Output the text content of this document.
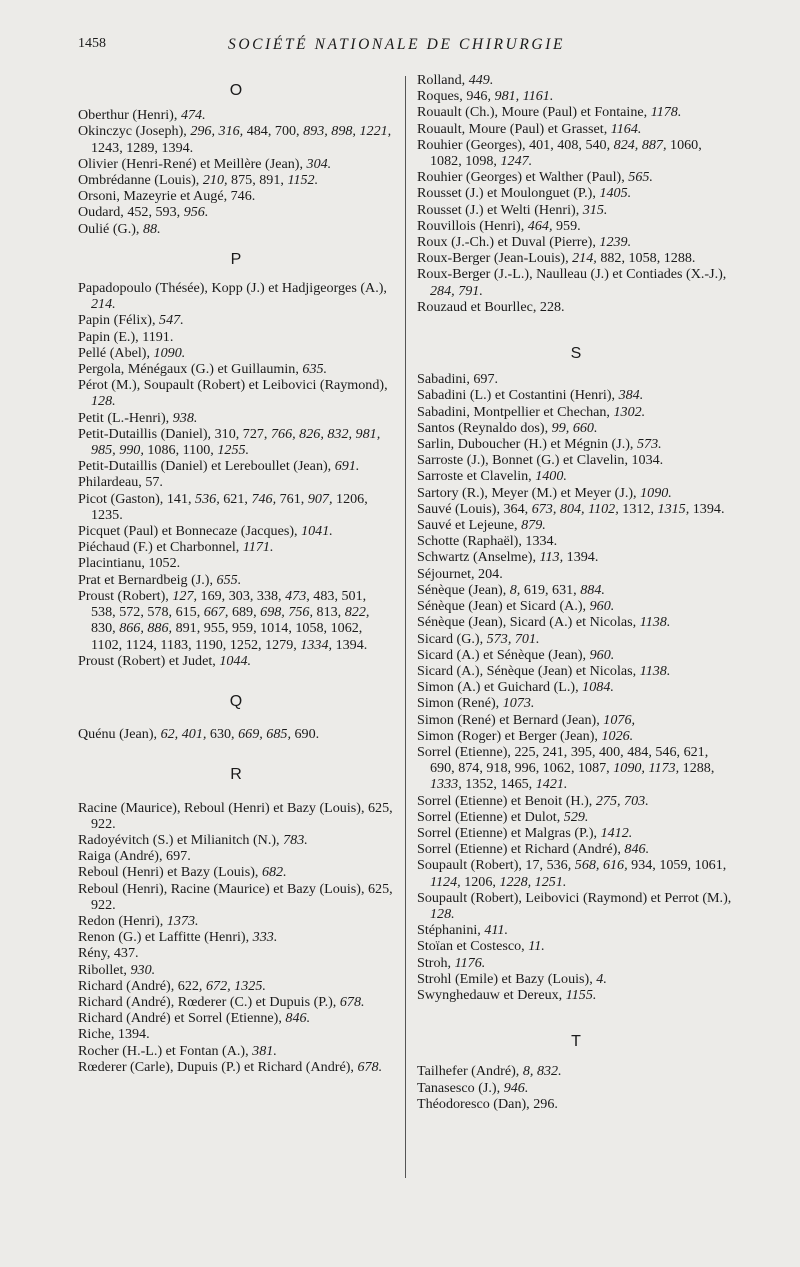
1458	SOCIÉTÉ NATIONALE DE CHIRURGIE
O
Oberthur (Henri), 474.
Okinczyc (Joseph), 296, 316, 484, 700, 893, 898, 1221, 1243, 1289, 1394.
Olivier (Henri-René) et Meillère (Jean), 304.
Ombrédanne (Louis), 210, 875, 891, 1152.
Orsoni, Mazeyrie et Augé, 746.
Oudard, 452, 593, 956.
Oulié (G.), 88.
P
Papadopoulo (Thésée), Kopp (J.) et Hadjigeorges (A.), 214.
Papin (Félix), 547.
Papin (E.), 1191.
Pellé (Abel), 1090.
Pergola, Ménégaux (G.) et Guillaumin, 635.
Pérot (M.), Soupault (Robert) et Leibovici (Raymond), 128.
Petit (L.-Henri), 938.
Petit-Dutaillis (Daniel), 310, 727, 766, 826, 832, 981, 985, 990, 1086, 1100, 1255.
Petit-Dutaillis (Daniel) et Lereboullet (Jean), 691.
Philardeau, 57.
Picot (Gaston), 141, 536, 621, 746, 761, 907, 1206, 1235.
Picquet (Paul) et Bonnecaze (Jacques), 1041.
Piéchaud (F.) et Charbonnel, 1171.
Placintianu, 1052.
Prat et Bernardbeig (J.), 655.
Proust (Robert), 127, 169, 303, 338, 473, 483, 501, 538, 572, 578, 615, 667, 689, 698, 756, 813, 822, 830, 866, 886, 891, 955, 959, 1014, 1058, 1062, 1102, 1124, 1183, 1190, 1252, 1279, 1334, 1394.
Proust (Robert) et Judet, 1044.
Q
Quénu (Jean), 62, 401, 630, 669, 685, 690.
R
Racine (Maurice), Reboul (Henri) et Bazy (Louis), 625, 922.
Radoyévitch (S.) et Milianitch (N.), 783.
Raiga (André), 697.
Reboul (Henri) et Bazy (Louis), 682.
Reboul (Henri), Racine (Maurice) et Bazy (Louis), 625, 922.
Redon (Henri), 1373.
Renon (G.) et Laffitte (Henri), 333.
Rény, 437.
Ribollet, 930.
Richard (André), 622, 672, 1325.
Richard (André), Rœderer (C.) et Dupuis (P.), 678.
Richard (André) et Sorrel (Etienne), 846.
Riche, 1394.
Rocher (H.-L.) et Fontan (A.), 381.
Rœderer (Carle), Dupuis (P.) et Richard (André), 678.
Rolland, 449.
Roques, 946, 981, 1161.
Rouault (Ch.), Moure (Paul) et Fontaine, 1178.
Rouault, Moure (Paul) et Grasset, 1164.
Rouhier (Georges), 401, 408, 540, 824, 887, 1060, 1082, 1098, 1247.
Rouhier (Georges) et Walther (Paul), 565.
Rousset (J.) et Moulonguet (P.), 1405.
Rousset (J.) et Welti (Henri), 315.
Rouvillois (Henri), 464, 959.
Roux (J.-Ch.) et Duval (Pierre), 1239.
Roux-Berger (Jean-Louis), 214, 882, 1058, 1288.
Roux-Berger (J.-L.), Naulleau (J.) et Contiades (X.-J.), 284, 791.
Rouzaud et Bourllec, 228.
S
Sabadini, 697.
Sabadini (L.) et Costantini (Henri), 384.
Sabadini, Montpellier et Chechan, 1302.
Santos (Reynaldo dos), 99, 660.
Sarlin, Duboucher (H.) et Mégnin (J.), 573.
Sarroste (J.), Bonnet (G.) et Clavelin, 1034.
Sarroste et Clavelin, 1400.
Sartory (R.), Meyer (M.) et Meyer (J.), 1090.
Sauvé (Louis), 364, 673, 804, 1102, 1312, 1315, 1394.
Sauvé et Lejeune, 879.
Schotte (Raphaël), 1334.
Schwartz (Anselme), 113, 1394.
Séjournet, 204.
Sénèque (Jean), 8, 619, 631, 884.
Sénèque (Jean) et Sicard (A.), 960.
Sénèque (Jean), Sicard (A.) et Nicolas, 1138.
Sicard (G.), 573, 701.
Sicard (A.) et Sénèque (Jean), 960.
Sicard (A.), Sénèque (Jean) et Nicolas, 1138.
Simon (A.) et Guichard (L.), 1084.
Simon (René), 1073.
Simon (René) et Bernard (Jean), 1076,
Simon (Roger) et Berger (Jean), 1026.
Sorrel (Etienne), 225, 241, 395, 400, 484, 546, 621, 690, 874, 918, 996, 1062, 1087, 1090, 1173, 1288, 1333, 1352, 1465, 1421.
Sorrel (Etienne) et Benoit (H.), 275, 703.
Sorrel (Etienne) et Dulot, 529.
Sorrel (Etienne) et Malgras (P.), 1412.
Sorrel (Etienne) et Richard (André), 846.
Soupault (Robert), 17, 536, 568, 616, 934, 1059, 1061, 1124, 1206, 1228, 1251.
Soupault (Robert), Leibovici (Raymond) et Perrot (M.), 128.
Stéphanini, 411.
Stoïan et Costesco, 11.
Stroh, 1176.
Strohl (Emile) et Bazy (Louis), 4.
Swynghedauw et Dereux, 1155.
T
Tailhefer (André), 8, 832.
Tanasesco (J.), 946.
Théodoresco (Dan), 296.
